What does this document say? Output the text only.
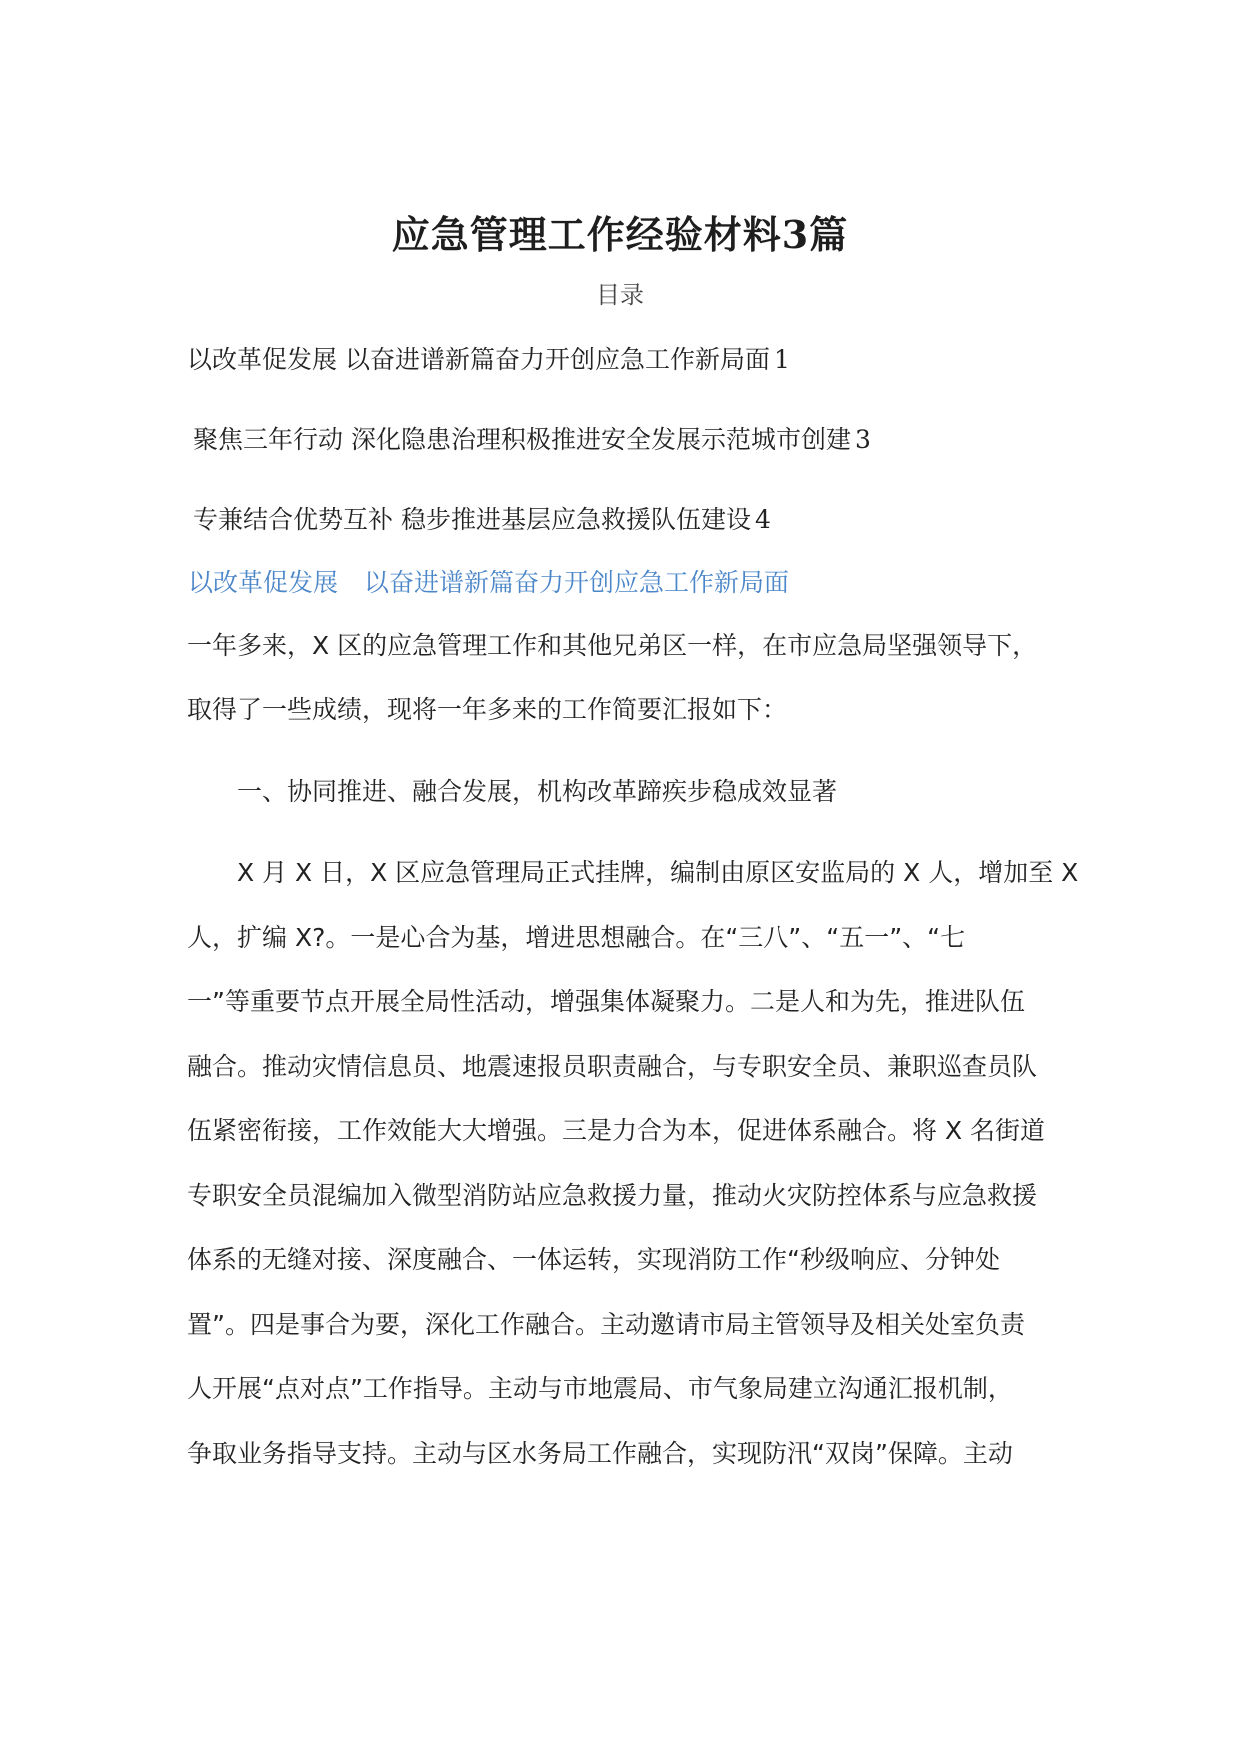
应急管理工作经验材料3篇
目录
以改革促发展 以奋进谱新篇奋力开创应急工作新局面 1
聚焦三年行动 深化隐患治理积极推进安全发展示范城市创建 3
专兼结合优势互补 稳步推进基层应急救援队伍建设 4
以改革促发展 以奋进谱新篇奋力开创应急工作新局面
一年多来，X 区的应急管理工作和其他兄弟区一样，在市应急局坚强领导下，
取得了一些成绩，现将一年多来的工作简要汇报如下：
一、协同推进、融合发展，机构改革蹄疾步稳成效显著
X 月 X 日，X 区应急管理局正式挂牌，编制由原区安监局的 X 人，增加至 X
人，扩编 X?。一是心合为基，增进思想融合。在“三八”、“五一”、“七
一”等重要节点开展全局性活动，增强集体凝聚力。二是人和为先，推进队伍
融合。推动灾情信息员、地震速报员职责融合，与专职安全员、兼职巡查员队
伍紧密衔接，工作效能大大增强。三是力合为本，促进体系融合。将 X 名街道
专职安全员混编加入微型消防站应急救援力量，推动火灾防控体系与应急救援
体系的无缝对接、深度融合、一体运转，实现消防工作“秒级响应、分钟处
置”。四是事合为要，深化工作融合。主动邀请市局主管领导及相关处室负责
人开展“点对点”工作指导。主动与市地震局、市气象局建立沟通汇报机制，
争取业务指导支持。主动与区水务局工作融合，实现防汛“双岗”保障。主动
